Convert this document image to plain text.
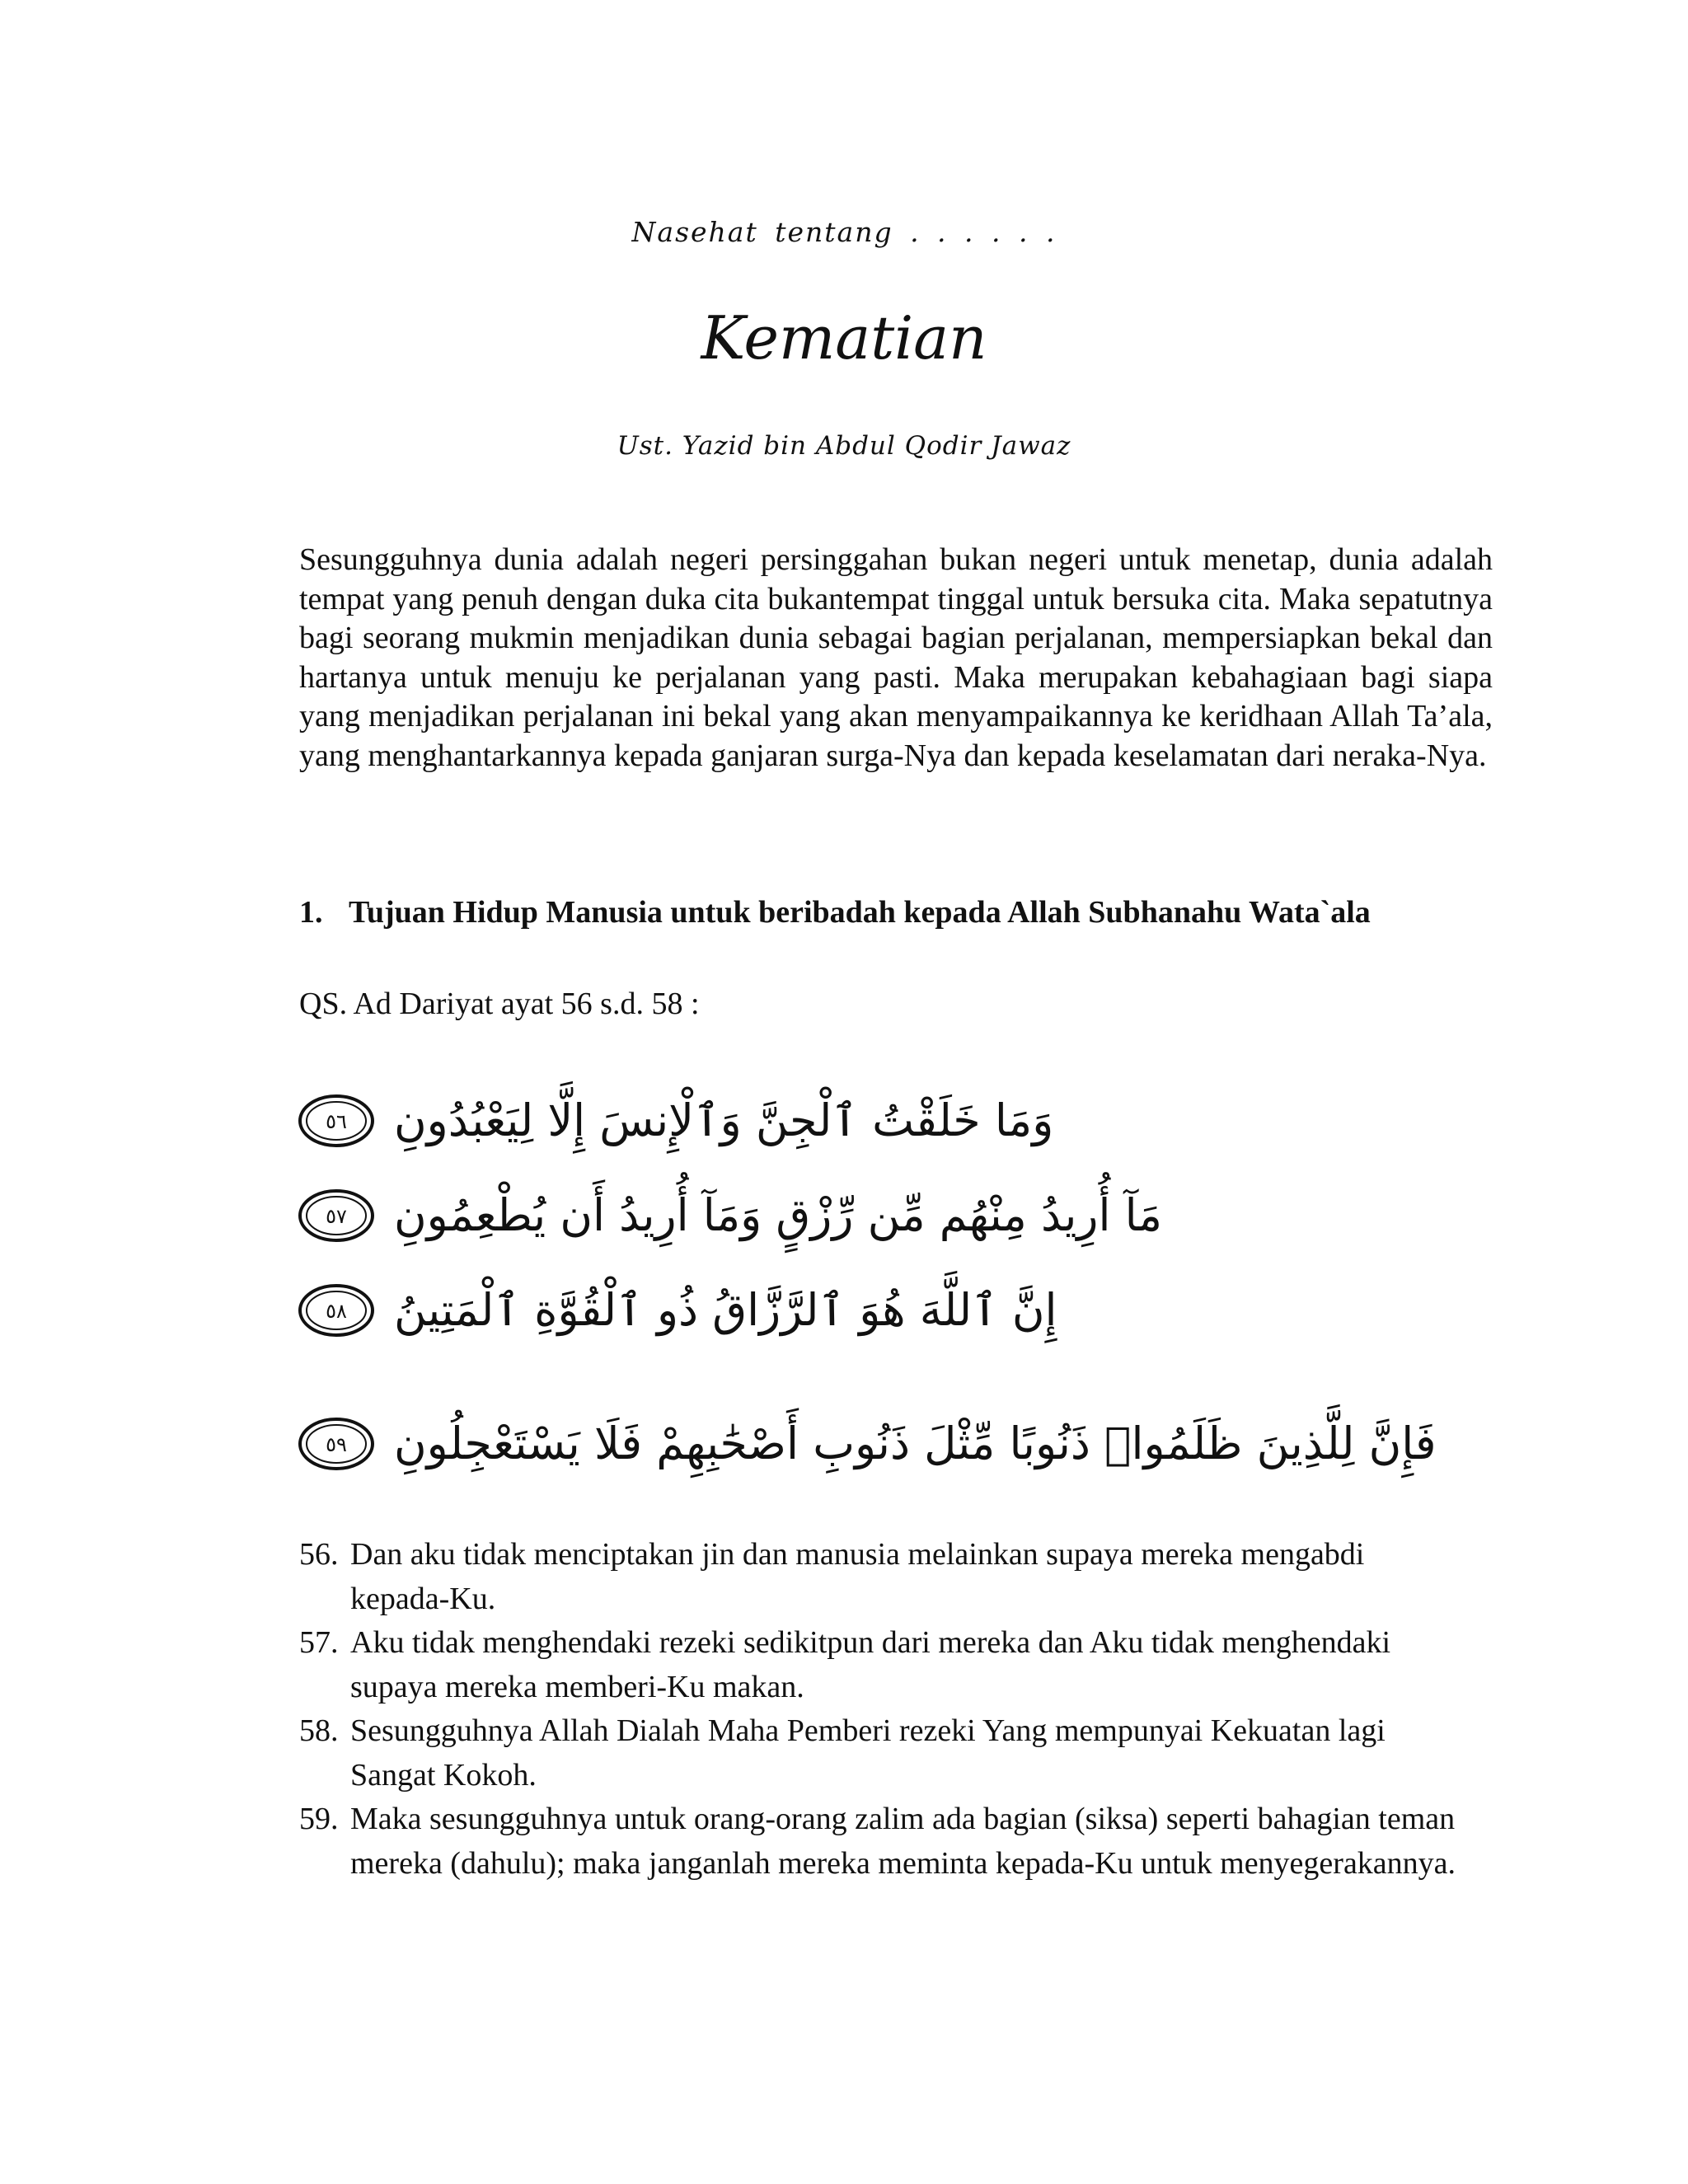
Nasehat tentang . . . . . .
Kematian
Ust. Yazid bin Abdul Qodir Jawaz

Sesungguhnya dunia adalah negeri persinggahan bukan negeri untuk menetap, dunia adalah tempat yang penuh dengan duka cita bukantempat tinggal untuk bersuka cita. Maka sepatutnya bagi seorang mukmin menjadikan dunia sebagai bagian perjalanan, mempersiapkan bekal dan hartanya untuk menuju ke perjalanan yang pasti. Maka merupakan kebahagiaan bagi siapa yang menjadikan perjalanan ini bekal yang akan menyampaikannya ke keridhaan Allah Ta’ala, yang menghantarkannya kepada ganjaran surga-Nya dan kepada keselamatan dari neraka-Nya.

1. Tujuan Hidup Manusia untuk beribadah kepada Allah Subhanahu Wata`ala
QS. Ad Dariyat ayat 56 s.d. 58 :
٥٦ وَمَا خَلَقْتُ ٱلْجِنَّ وَٱلْإِنسَ إِلَّا لِيَعْبُدُونِ
٥٧ مَآ أُرِيدُ مِنْهُم مِّن رِّزْقٍ وَمَآ أُرِيدُ أَن يُطْعِمُونِ
٥٨ إِنَّ ٱللَّهَ هُوَ ٱلرَّزَّاقُ ذُو ٱلْقُوَّةِ ٱلْمَتِينُ
٥٩ فَإِنَّ لِلَّذِينَ ظَلَمُوا۟ ذَنُوبًا مِّثْلَ ذَنُوبِ أَصْحَٰبِهِمْ فَلَا يَسْتَعْجِلُونِ
56. Dan aku tidak menciptakan jin dan manusia melainkan supaya mereka mengabdi kepada-Ku.
57. Aku tidak menghendaki rezeki sedikitpun dari mereka dan Aku tidak menghendaki supaya mereka memberi-Ku makan.
58. Sesungguhnya Allah Dialah Maha Pemberi rezeki Yang mempunyai Kekuatan lagi Sangat Kokoh.
59. Maka sesungguhnya untuk orang-orang zalim ada bagian (siksa) seperti bahagian teman mereka (dahulu); maka janganlah mereka meminta kepada-Ku untuk menyegerakannya.
